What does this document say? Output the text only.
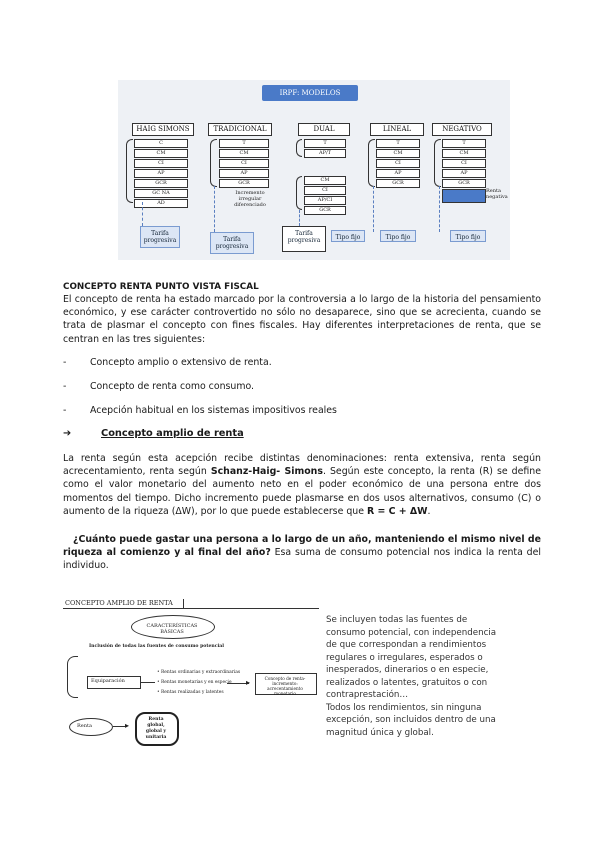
IRPF: MODELOS
HAIG SIMONS
C
CM
CI
AP
GCR
GC NA
AD
Tarifa progresiva
TRADICIONAL
T
CM
CI
AP
GCR
Incremento irregular diferenciado
Tarifa progresiva
DUAL
T
AP/T
CM
CI
AP/CI
GCR
Tarifa progresiva	Tipo fijo
LINEAL
T
CM
CI
AP
GCR
Tipo fijo
NEGATIVO
T
CM
CI
AP
GCR
Renta negativa
Tipo fijo
CONCEPTO RENTA PUNTO VISTA FISCAL
El concepto de renta ha estado marcado por la controversia a lo largo de la historia del pensamiento económico, y ese carácter controvertido no sólo no desaparece, sino que se acrecienta, cuando se trata de plasmar el concepto con fines fiscales. Hay diferentes interpretaciones de renta, que se centran en las tres siguientes:
-	Concepto amplio o extensivo de renta.
-	Concepto de renta como consumo.
-	Acepción habitual en los sistemas impositivos reales
➔	Concepto amplio de renta
La renta según esta acepción recibe distintas denominaciones: renta extensiva, renta según acrecentamiento, renta según Schanz-Haig- Simons. Según este concepto, la renta (R) se define como el valor monetario del aumento neto en el poder económico de una persona entre dos momentos del tiempo. Dicho incremento puede plasmarse en dos usos alternativos, consumo (C) o aumento de la riqueza (ΔW), por lo que puede establecerse que R = C + ΔW.
¿Cuánto puede gastar una persona a lo largo de un año, manteniendo el mismo nivel de riqueza al comienzo y al final del año? Esa suma de consumo potencial nos indica la renta del individuo.
CONCEPTO AMPLIO DE RENTA
CARACTERÍSTICAS BÁSICAS
Inclusión de todas las fuentes de consumo potencial
Equiparación
• Rentas ordinarias y extraordinarias
• Rentas monetarias y en especie
• Rentas realizadas y latentes
▸	Concepto de renta-incremento: acrecentamiento monetario
Renta	▸
Renta global, global y unitaria
Se incluyen todas las fuentes de
consumo potencial, con independencia
de que correspondan a rendimientos
regulares o irregulares, esperados o
inesperados, dinerarios o en especie,
realizados o latentes, gratuitos o con
contraprestación…
Todos los rendimientos, sin ninguna
excepción, son incluidos dentro de una
magnitud única y global.
